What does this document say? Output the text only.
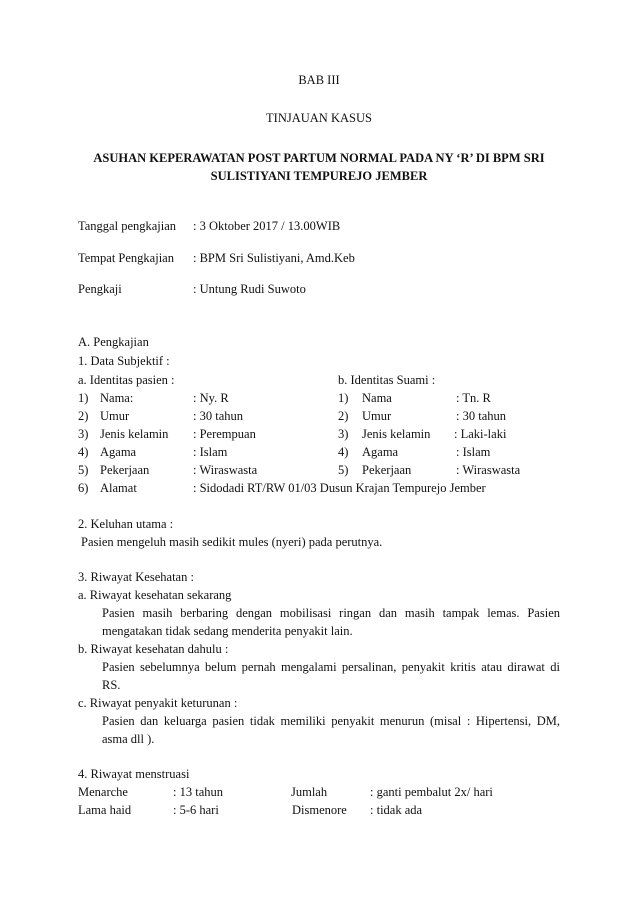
BAB III
TINJAUAN KASUS
ASUHAN KEPERAWATAN POST PARTUM NORMAL PADA NY ‘R’ DI BPM SRI
SULISTIYANI TEMPUREJO JEMBER
Tanggal pengkajian : 3 Oktober 2017 / 13.00WIB
Tempat Pengkajian : BPM Sri Sulistiyani, Amd.Keb
Pengkaji	: Untung Rudi Suwoto
A. Pengkajian
1. Data Subjektif :
a. Identitas pasien :	b. Identitas Suami :
1) Nama:	: Ny. R	1) Nama	: Tn. R
2) Umur	: 30 tahun	2) Umur	: 30 tahun
3) Jenis kelamin : Perempuan	3) Jenis kelamin : Laki-laki
4) Agama	: Islam	4) Agama	: Islam
5) Pekerjaan	: Wiraswasta	5) Pekerjaan	: Wiraswasta
6) Alamat	: Sidodadi RT/RW 01/03 Dusun Krajan Tempurejo Jember
2. Keluhan utama :
Pasien mengeluh masih sedikit mules (nyeri) pada perutnya.
3. Riwayat Kesehatan :
a. Riwayat kesehatan sekarang
Pasien masih berbaring dengan mobilisasi ringan dan masih tampak lemas. Pasien
mengatakan tidak sedang menderita penyakit lain.
b. Riwayat kesehatan dahulu :
Pasien sebelumnya belum pernah mengalami persalinan, penyakit kritis atau dirawat di
RS.
c. Riwayat penyakit keturunan :
Pasien dan keluarga pasien tidak memiliki penyakit menurun (misal : Hipertensi, DM,
asma dll ).
4. Riwayat menstruasi
Menarche	: 13 tahun	Jumlah	: ganti pembalut 2x/ hari
Lama haid	: 5-6 hari	Dismenore : tidak ada
